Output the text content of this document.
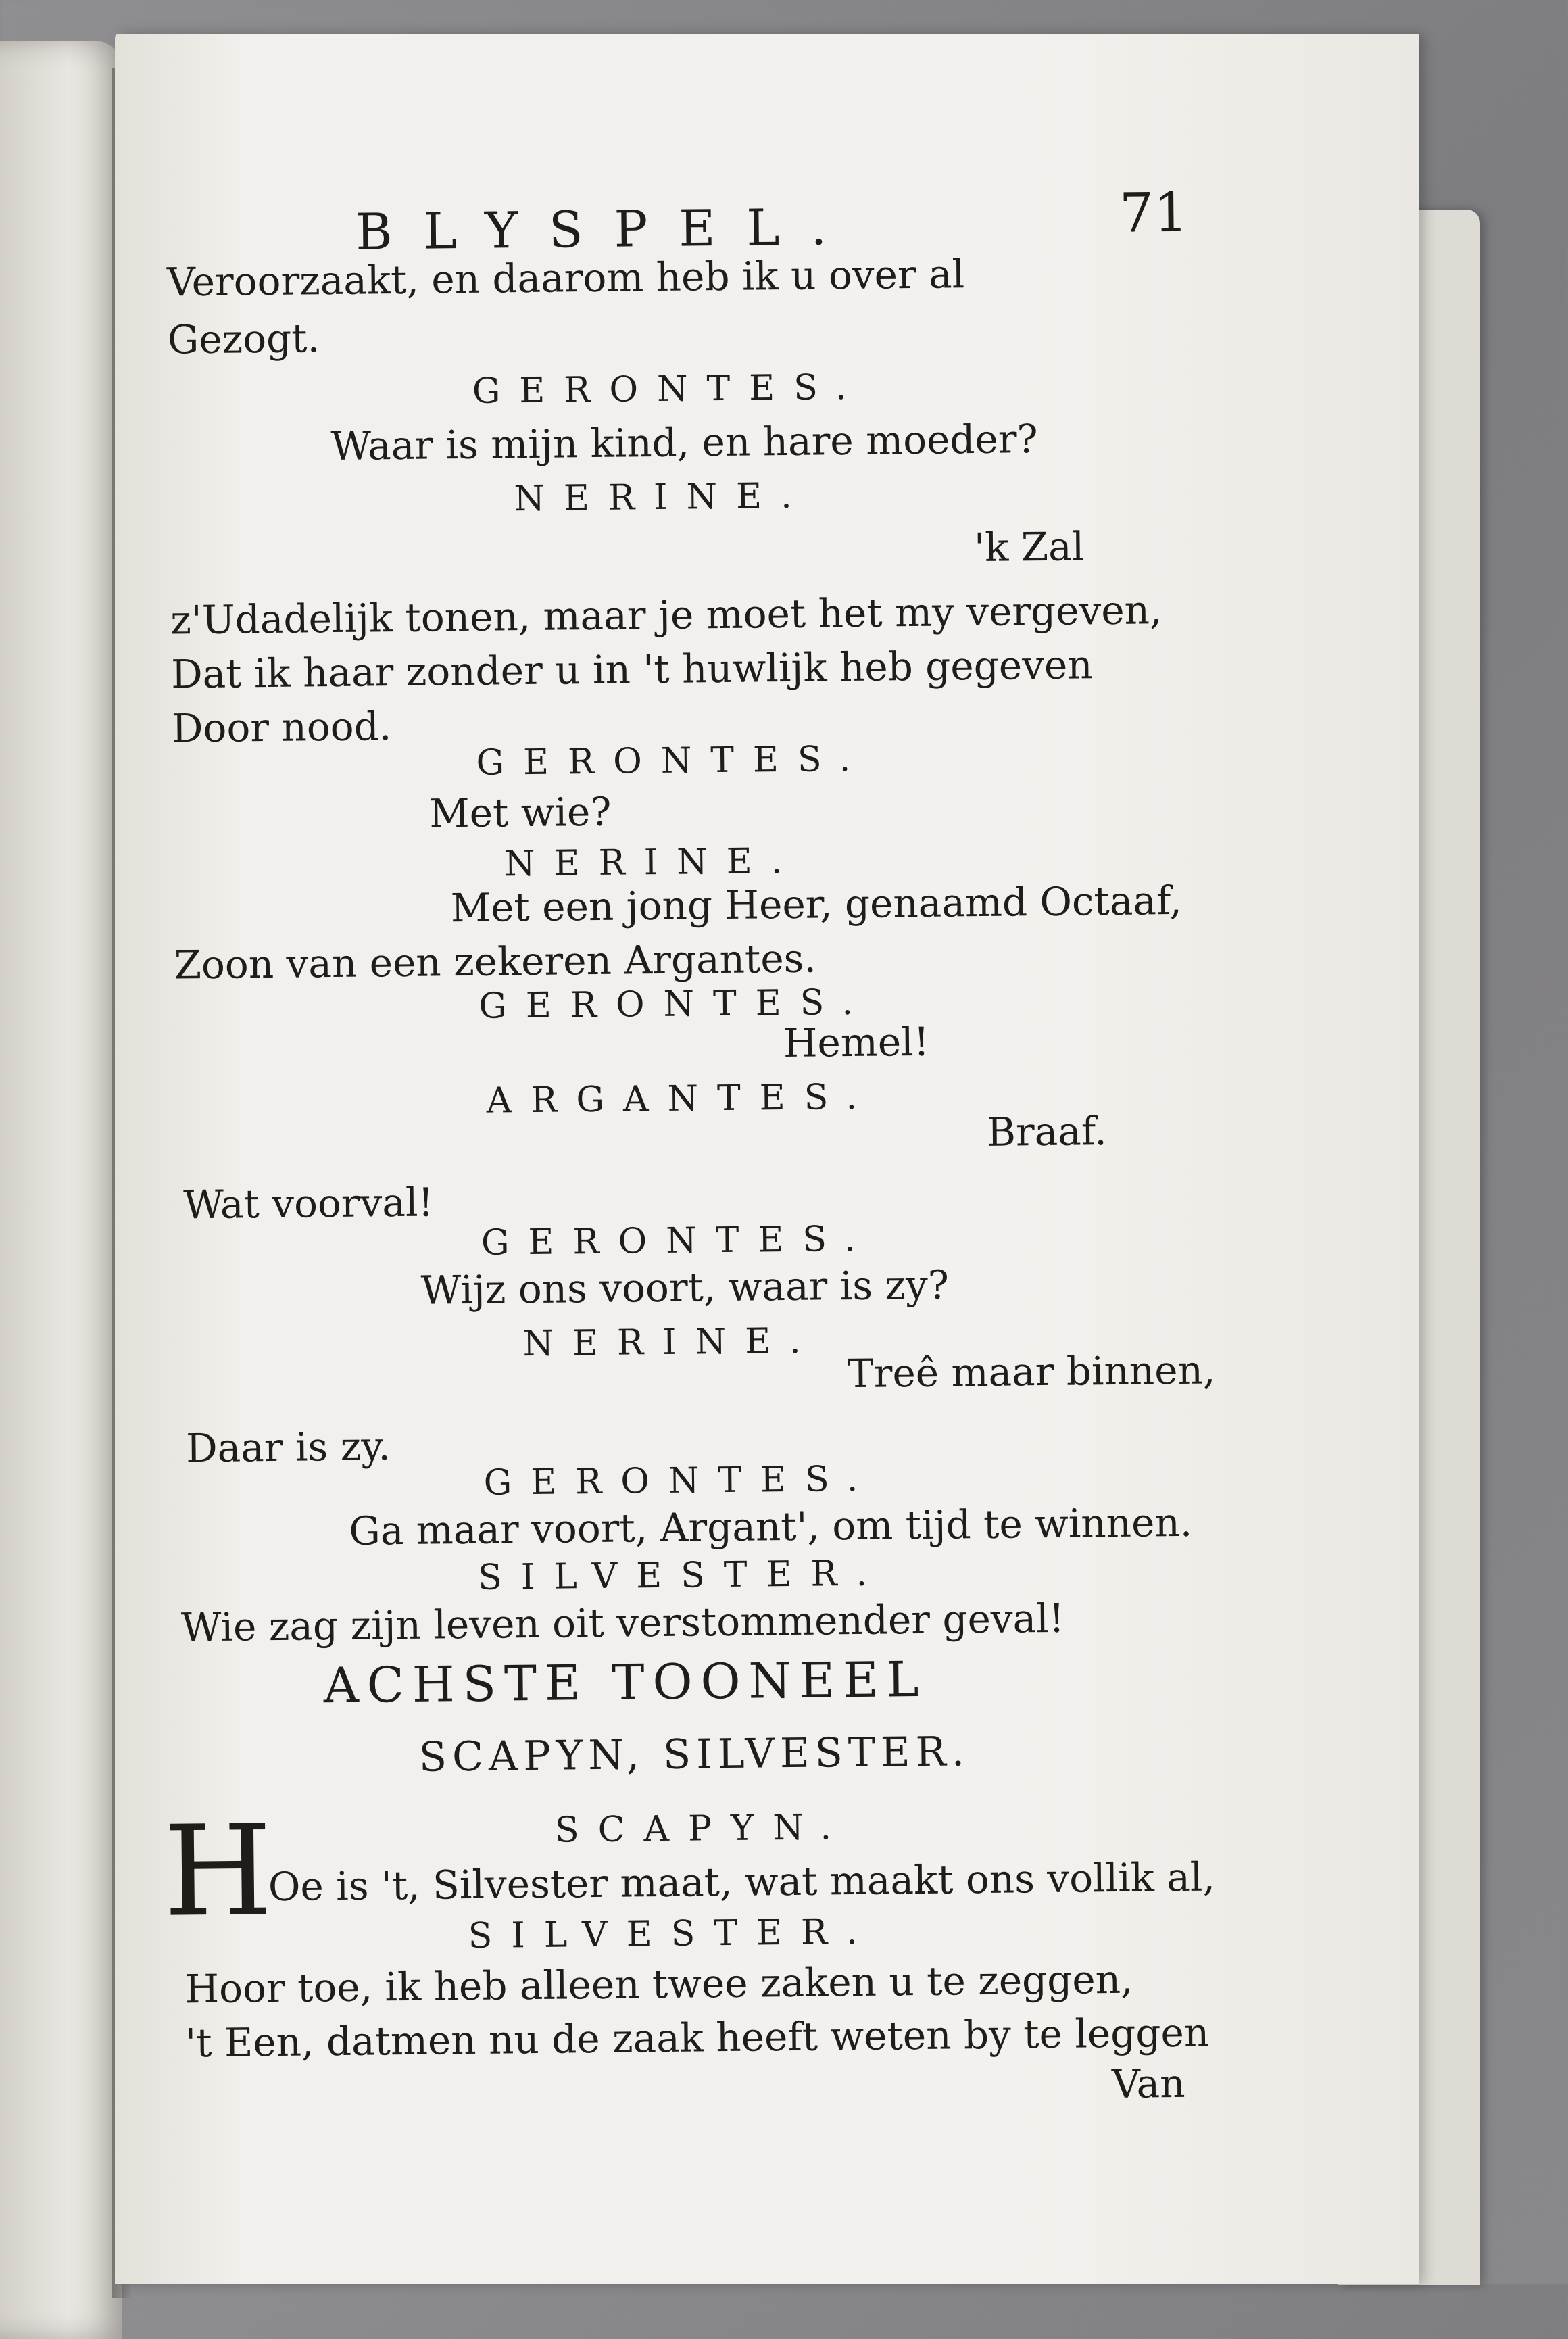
BLYSPEL.	71
Veroorzaakt, en daarom heb ik u over al
Gezogt.
GERONTES.
Waar is mijn kind, en hare moeder?
NERINE.
'k Zal
z'Udadelijk tonen, maar je moet het my vergeven,
Dat ik haar zonder u in 't huwlijk heb gegeven
Door nood.
GERONTES.
Met wie?
NERINE.
Met een jong Heer, genaamd Octaaf,
Zoon van een zekeren Argantes.
GERONTES.
Hemel!
ARGANTES.
Braaf.
Wat voorval!
GERONTES.
Wijz ons voort, waar is zy?
NERINE.
Treê maar binnen,
Daar is zy.
GERONTES.
Ga maar voort, Argant', om tijd te winnen.
SILVESTER.
Wie zag zijn leven oit verstommender geval!
ACHSTE TOONEEL
SCAPYN, SILVESTER.
SCAPYN.
H
Oe is 't, Silvester maat, wat maakt ons vollik al,
SILVESTER.
Hoor toe, ik heb alleen twee zaken u te zeggen,
't Een, datmen nu de zaak heeft weten by te leggen
Van
